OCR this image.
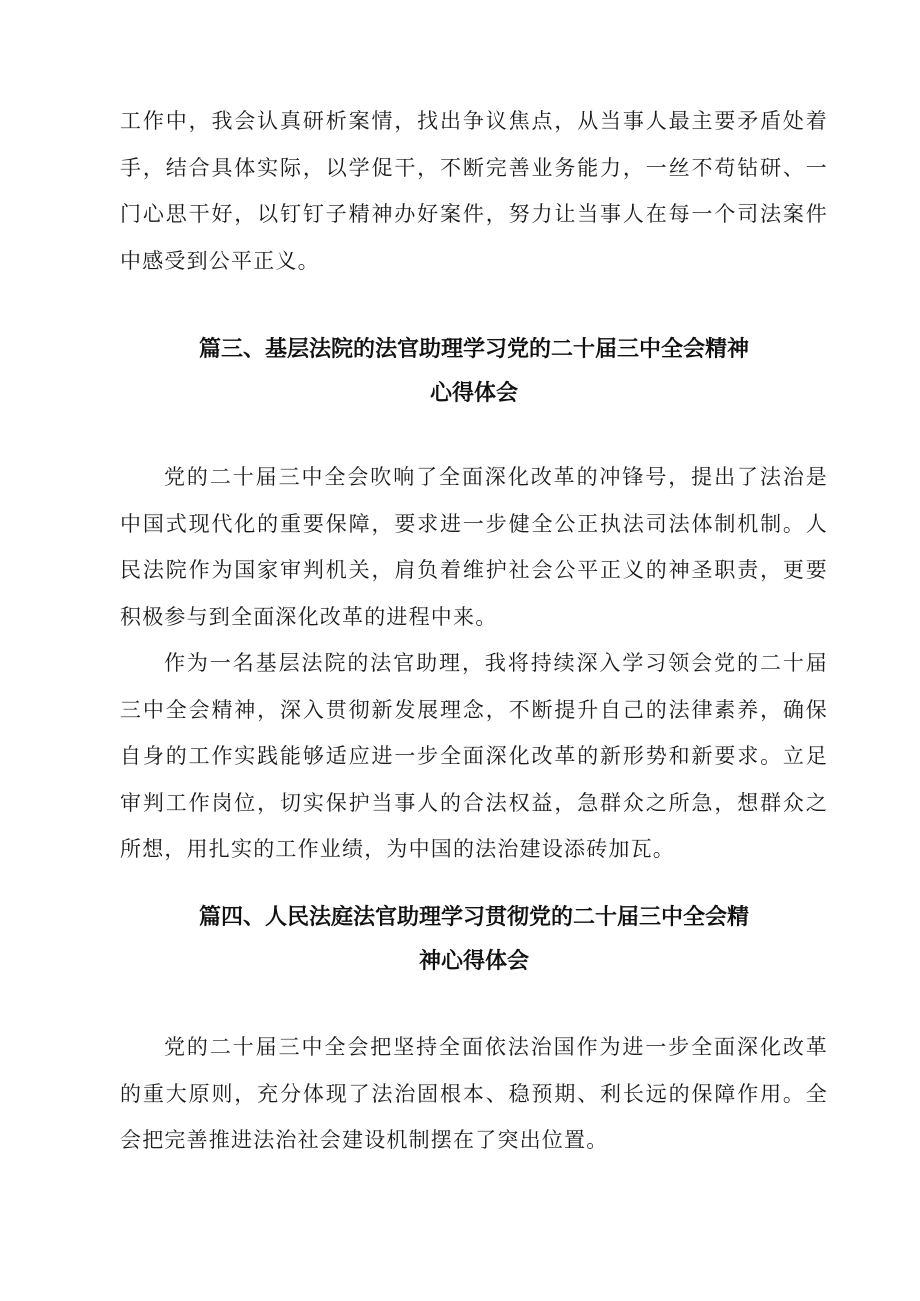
工作中，我会认真研析案情，找出争议焦点，从当事人最主要矛盾处着手，结合具体实际，以学促干，不断完善业务能力，一丝不苟钻研、一门心思干好，以钉钉子精神办好案件，努力让当事人在每一个司法案件中感受到公平正义。

篇三、基层法院的法官助理学习党的二十届三中全会精神
心得体会

党的二十届三中全会吹响了全面深化改革的冲锋号，提出了法治是中国式现代化的重要保障，要求进一步健全公正执法司法体制机制。人民法院作为国家审判机关，肩负着维护社会公平正义的神圣职责，更要积极参与到全面深化改革的进程中来。

作为一名基层法院的法官助理，我将持续深入学习领会党的二十届三中全会精神，深入贯彻新发展理念，不断提升自己的法律素养，确保自身的工作实践能够适应进一步全面深化改革的新形势和新要求。立足审判工作岗位，切实保护当事人的合法权益，急群众之所急，想群众之所想，用扎实的工作业绩，为中国的法治建设添砖加瓦。

篇四、人民法庭法官助理学习贯彻党的二十届三中全会精
神心得体会

党的二十届三中全会把坚持全面依法治国作为进一步全面深化改革的重大原则，充分体现了法治固根本、稳预期、利长远的保障作用。全会把完善推进法治社会建设机制摆在了突出位置。
